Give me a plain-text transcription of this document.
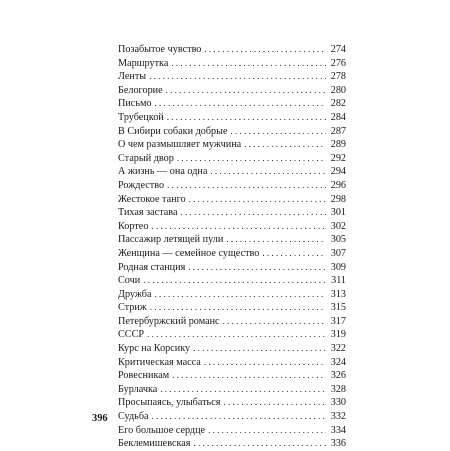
Позабытое чувство . . .	274
Маршрутка . . .	276
Ленты . . .	278
Белогорие . . .	280
Письмо . . .	282
Трубецкой . . .	284
В Сибири собаки добрые . . .	287
О чем размышляет мужчина . . .	289
Старый двор . . .	292
А жизнь — она одна . . .	294
Рождество . . .	296
Жестокое танго . . .	298
Тихая застава . . .	301
Кортео . . .	302
Пассажир летящей пули . . .	305
Женщина — семейное существо . . .	307
Родная станция . . .	309
Сочи . . .	311
Дружба . . .	313
Стриж . . .	315
Петербуржский романс . . .	317
СССР . . .	319
Курс на Корсику . . .	322
Критическая масса . . .	324
Ровесникам . . .	326
Бурлачка . . .	328
Просыпаясь, улыбаться . . .	330
Судьба . . .	332
Его большое сердце . . .	334
Беклемишевская . . .	336
396
